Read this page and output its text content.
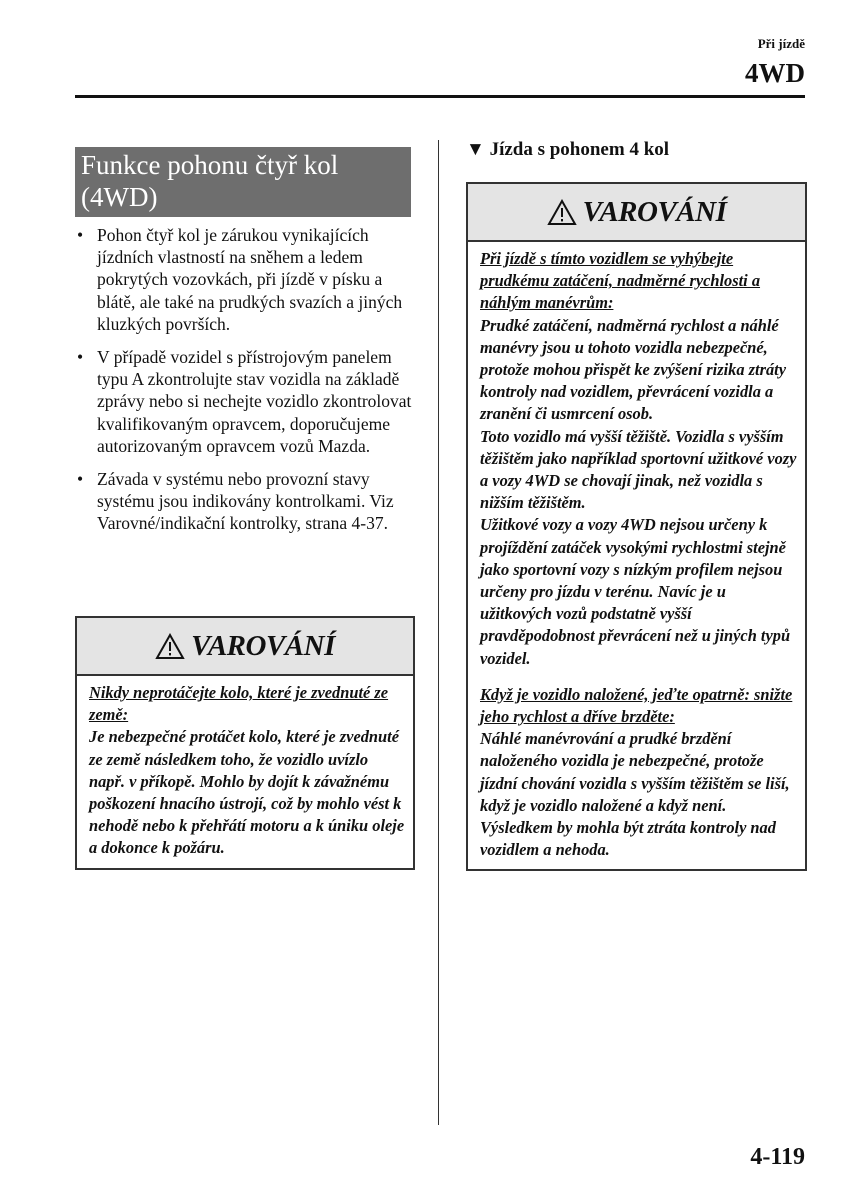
Při jízdě
4WD
Funkce pohonu čtyř kol (4WD)
• Pohon čtyř kol je zárukou vynikajících jízdních vlastností na sněhem a ledem pokrytých vozovkách, při jízdě v písku a blátě, ale také na prudkých svazích a jiných kluzkých površích.
• V případě vozidel s přístrojovým panelem typu A zkontrolujte stav vozidla na základě zprávy nebo si nechejte vozidlo zkontrolovat kvalifikovaným opravcem, doporučujeme autorizovaným opravcem vozů Mazda.
• Závada v systému nebo provozní stavy systému jsou indikovány kontrolkami. Viz Varovné/indikační kontrolky, strana 4-37.
VAROVÁNÍ

Nikdy neprotáčejte kolo, které je zvednuté ze země:

Je nebezpečné protáčet kolo, které je zvednuté ze země následkem toho, že vozidlo uvízlo např. v příkopě. Mohlo by dojít k závažnému poškození hnacího ústrojí, což by mohlo vést k nehodě nebo k přehřátí motoru a k úniku oleje a dokonce k požáru.

▼ Jízda s pohonem 4 kol
VAROVÁNÍ

Při jízdě s tímto vozidlem se vyhýbejte prudkému zatáčení, nadměrné rychlosti a náhlým manévrům:

Prudké zatáčení, nadměrná rychlost a náhlé manévry jsou u tohoto vozidla nebezpečné, protože mohou přispět ke zvýšení rizika ztráty kontroly nad vozidlem, převrácení vozidla a zranění či usmrcení osob.

Toto vozidlo má vyšší těžiště. Vozidla s vyšším těžištěm jako například sportovní užitkové vozy a vozy 4WD se chovají jinak, než vozidla s nižším těžištěm.

Užitkové vozy a vozy 4WD nejsou určeny k projíždění zatáček vysokými rychlostmi stejně jako sportovní vozy s nízkým profilem nejsou určeny pro jízdu v terénu. Navíc je u užitkových vozů podstatně vyšší pravděpodobnost převrácení než u jiných typů vozidel.

Když je vozidlo naložené, jeďte opatrně: snižte jeho rychlost a dříve brzděte:

Náhlé manévrování a prudké brzdění naloženého vozidla je nebezpečné, protože jízdní chování vozidla s vyšším těžištěm se liší, když je vozidlo naložené a když není. Výsledkem by mohla být ztráta kontroly nad vozidlem a nehoda.

4-119
